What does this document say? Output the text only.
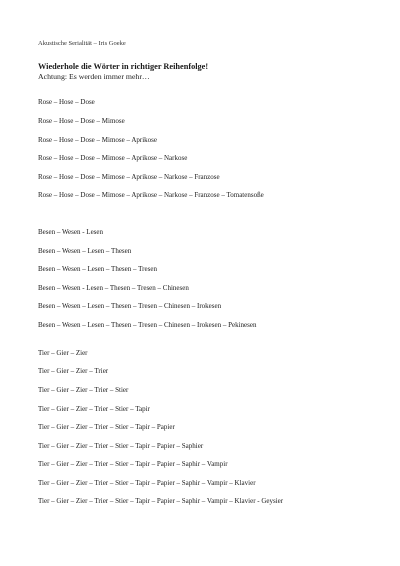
Akustische Serialität – Iris Goeke
Wiederhole die Wörter in richtiger Reihenfolge!
Achtung: Es werden immer mehr…
Rose – Hose – Dose
Rose – Hose – Dose – Mimose
Rose – Hose – Dose – Mimose – Aprikose
Rose – Hose – Dose – Mimose – Aprikose – Narkose
Rose – Hose – Dose – Mimose – Aprikose – Narkose – Franzose
Rose – Hose – Dose – Mimose – Aprikose – Narkose – Franzose – Tomatensoße
Besen – Wesen - Lesen
Besen – Wesen – Lesen – Thesen
Besen – Wesen – Lesen – Thesen – Tresen
Besen – Wesen - Lesen – Thesen – Tresen – Chinesen
Besen – Wesen – Lesen – Thesen – Tresen – Chinesen – Irokesen
Besen – Wesen – Lesen – Thesen – Tresen – Chinesen – Irokesen – Pekinesen
Tier – Gier – Zier
Tier – Gier – Zier – Trier
Tier – Gier – Zier – Trier – Stier
Tier – Gier – Zier – Trier – Stier – Tapir
Tier – Gier – Zier – Trier – Stier – Tapir – Papier
Tier – Gier – Zier – Trier – Stier – Tapir – Papier – Saphier
Tier – Gier – Zier – Trier – Stier – Tapir – Papier – Saphir – Vampir
Tier – Gier – Zier – Trier – Stier – Tapir – Papier – Saphir – Vampir – Klavier
Tier – Gier – Zier – Trier – Stier – Tapir – Papier – Saphir – Vampir – Klavier - Geysier
